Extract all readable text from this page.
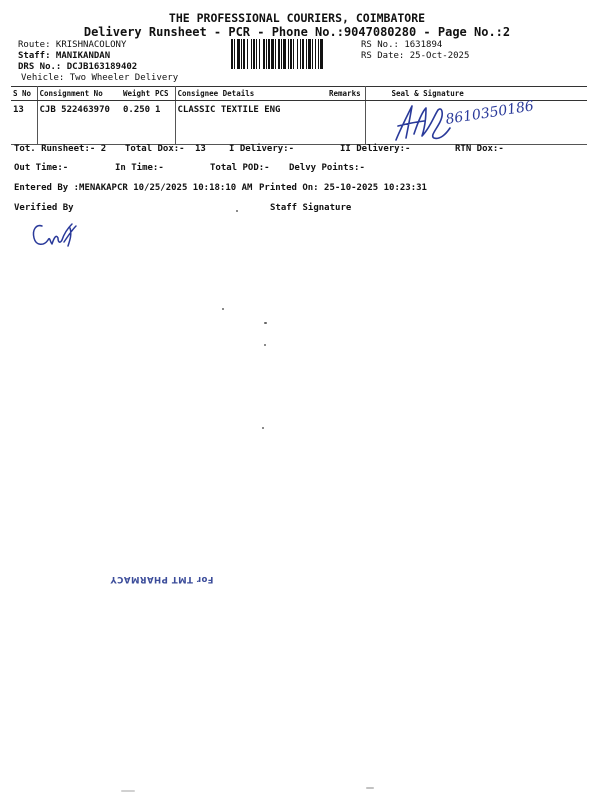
THE PROFESSIONAL COURIERS, COIMBATORE
Delivery Runsheet - PCR - Phone No.:9047080280 - Page No.:2
Route: KRISHNACOLONY
Staff: MANIKANDAN
DRS No.: DCJB163189402
Vehicle: Two Wheeler Delivery
RS No.: 1631894
RS Date: 25-Oct-2025
S No	Consignment No	Weight	PCS	Consignee Details	Remarks	Seal & Signature
13	CJB 522463970	0.250	1	CLASSIC TEXTILE ENG			8610350186
Tot. Runsheet:- 2 Total Dox:- 13	I Delivery:-	II Delivery:-	RTN Dox:-
Out Time:-	In Time:-	Total POD:- Delvy Points:-
Entered By :MENAKAPCR 10/25/2025 10:18:10 AM Printed On: 25-10-2025 10:23:31
Verified By	Staff Signature
For TMT PHARMACY
